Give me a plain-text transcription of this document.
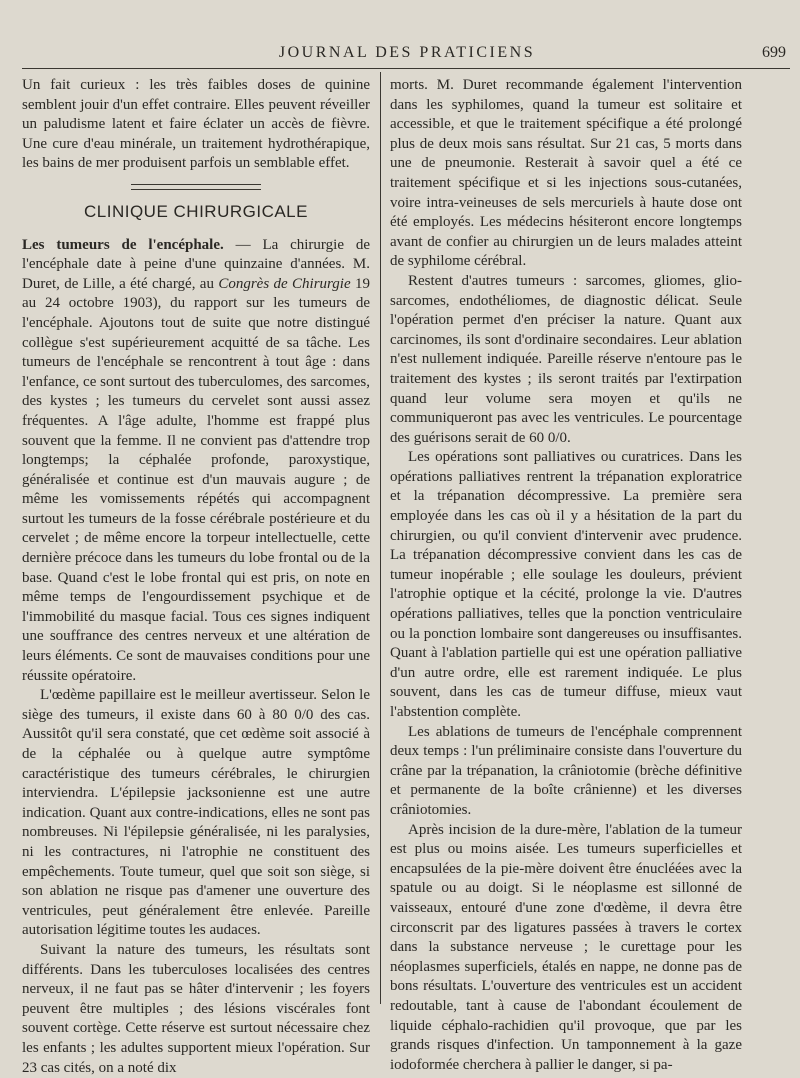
JOURNAL DES PRATICIENS	699

Un fait curieux : les très faibles doses de quinine semblent jouir d'un effet contraire. Elles peuvent réveiller un paludisme latent et faire éclater un accès de fièvre. Une cure d'eau minérale, un traitement hydrothérapique, les bains de mer produisent parfois un semblable effet.

CLINIQUE CHIRURGICALE

Les tumeurs de l'encéphale. — La chirurgie de l'encéphale date à peine d'une quinzaine d'années. M. Duret, de Lille, a été chargé, au Congrès de Chirurgie 19 au 24 octobre 1903), du rapport sur les tumeurs de l'encéphale. Ajoutons tout de suite que notre distingué collègue s'est supérieurement acquitté de sa tâche. Les tumeurs de l'encéphale se rencontrent à tout âge : dans l'enfance, ce sont surtout des tuberculomes, des sarcomes, des kystes ; les tumeurs du cervelet sont aussi assez fréquentes. A l'âge adulte, l'homme est frappé plus souvent que la femme. Il ne convient pas d'attendre trop longtemps; la céphalée profonde, paroxystique, généralisée et continue est d'un mauvais augure ; de même les vomissements répétés qui accompagnent surtout les tumeurs de la fosse cérébrale postérieure et du cervelet ; de même encore la torpeur intellectuelle, cette dernière précoce dans les tumeurs du lobe frontal ou de la base. Quand c'est le lobe frontal qui est pris, on note en même temps de l'engourdissement psychique et de l'immobilité du masque facial. Tous ces signes indiquent une souffrance des centres nerveux et une altération de leurs éléments. Ce sont de mauvaises conditions pour une réussite opératoire.

L'œdème papillaire est le meilleur avertisseur. Selon le siège des tumeurs, il existe dans 60 à 80 0/0 des cas. Aussitôt qu'il sera constaté, que cet œdème soit associé à de la céphalée ou à quelque autre symptôme caractéristique des tumeurs cérébrales, le chirurgien interviendra. L'épilepsie jacksonienne est une autre indication. Quant aux contre-indications, elles ne sont pas nombreuses. Ni l'épilepsie généralisée, ni les paralysies, ni les contractures, ni l'atrophie ne constituent des empêchements. Toute tumeur, quel que soit son siège, si son ablation ne risque pas d'amener une ouverture des ventricules, peut généralement être enlevée. Pareille autorisation légitime toutes les audaces.

Suivant la nature des tumeurs, les résultats sont différents. Dans les tuberculoses localisées des centres nerveux, il ne faut pas se hâter d'intervenir ; les foyers peuvent être multiples ; des lésions viscérales font souvent cortège. Cette réserve est surtout nécessaire chez les enfants ; les adultes supportent mieux l'opération. Sur 23 cas cités, on a noté dix

morts. M. Duret recommande également l'intervention dans les syphilomes, quand la tumeur est solitaire et accessible, et que le traitement spécifique a été prolongé plus de deux mois sans résultat. Sur 21 cas, 5 morts dans une de pneumonie. Resterait à savoir quel a été ce traitement spécifique et si les injections sous-cutanées, voire intra-veineuses de sels mercuriels à haute dose ont été employés. Les médecins hésiteront encore longtemps avant de confier au chirurgien un de leurs malades atteint de syphilome cérébral.

Restent d'autres tumeurs : sarcomes, gliomes, glio-sarcomes, endothéliomes, de diagnostic délicat. Seule l'opération permet d'en préciser la nature. Quant aux carcinomes, ils sont d'ordinaire secondaires. Leur ablation n'est nullement indiquée. Pareille réserve n'entoure pas le traitement des kystes ; ils seront traités par l'extirpation quand leur volume sera moyen et qu'ils ne communiqueront pas avec les ventricules. Le pourcentage des guérisons serait de 60 0/0.

Les opérations sont palliatives ou curatrices. Dans les opérations palliatives rentrent la trépanation exploratrice et la trépanation décompressive. La première sera employée dans les cas où il y a hésitation de la part du chirurgien, ou qu'il convient d'intervenir avec prudence. La trépanation décompressive convient dans les cas de tumeur inopérable ; elle soulage les douleurs, prévient l'atrophie optique et la cécité, prolonge la vie. D'autres opérations palliatives, telles que la ponction ventriculaire ou la ponction lombaire sont dangereuses ou insuffisantes. Quant à l'ablation partielle qui est une opération palliative d'un autre ordre, elle est rarement indiquée. Le plus souvent, dans les cas de tumeur diffuse, mieux vaut l'abstention complète.

Les ablations de tumeurs de l'encéphale comprennent deux temps : l'un préliminaire consiste dans l'ouverture du crâne par la trépanation, la crâniotomie (brèche définitive et permanente de la boîte crânienne) et les diverses crâniotomies.

Après incision de la dure-mère, l'ablation de la tumeur est plus ou moins aisée. Les tumeurs superficielles et encapsulées de la pie-mère doivent être énucléées avec la spatule ou au doigt. Si le néoplasme est sillonné de vaisseaux, entouré d'une zone d'œdème, il devra être circonscrit par des ligatures passées à travers le cortex dans la substance nerveuse ; le curettage pour les néoplasmes superficiels, étalés en nappe, ne donne pas de bons résultats. L'ouverture des ventricules est un accident redoutable, tant à cause de l'abondant écoulement de liquide céphalo-rachidien qu'il provoque, que par les grands risques d'infection. Un tamponnement à la gaze iodoformée cherchera à pallier le danger, si pa-
